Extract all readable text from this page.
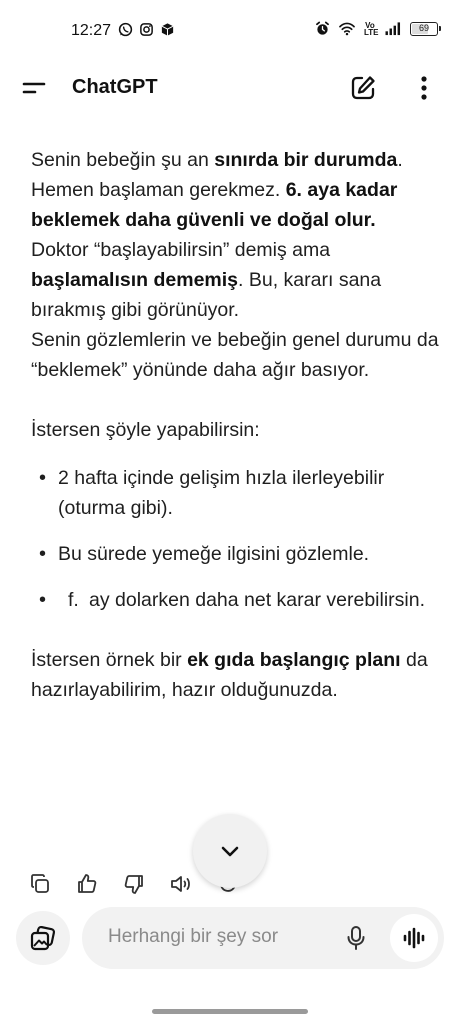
12:27	Vo
LTE	69
ChatGPT

Senin bebeğin şu an sınırda bir durumda. Hemen başlaman gerekmez. 6. aya kadar beklemek daha güvenli ve doğal olur.

Doktor “başlayabilirsin” demiş ama başlamalısın dememiş. Bu, kararı sana bırakmış gibi görünüyor.

Senin gözlemlerin ve bebeğin genel durumu da “beklemek” yönünde daha ağır basıyor.

İstersen şöyle yapabilirsin:

• 2 hafta içinde gelişim hızla ilerleyebilir (oturma gibi).
• Bu sürede yemeğe ilgisini gözlemle.
• f. ay dolarken daha net karar verebilirsin.

İstersen örnek bir ek gıda başlangıç planı da hazırlayabilirim, hazır olduğunuzda.

Herhangi bir şey sor
